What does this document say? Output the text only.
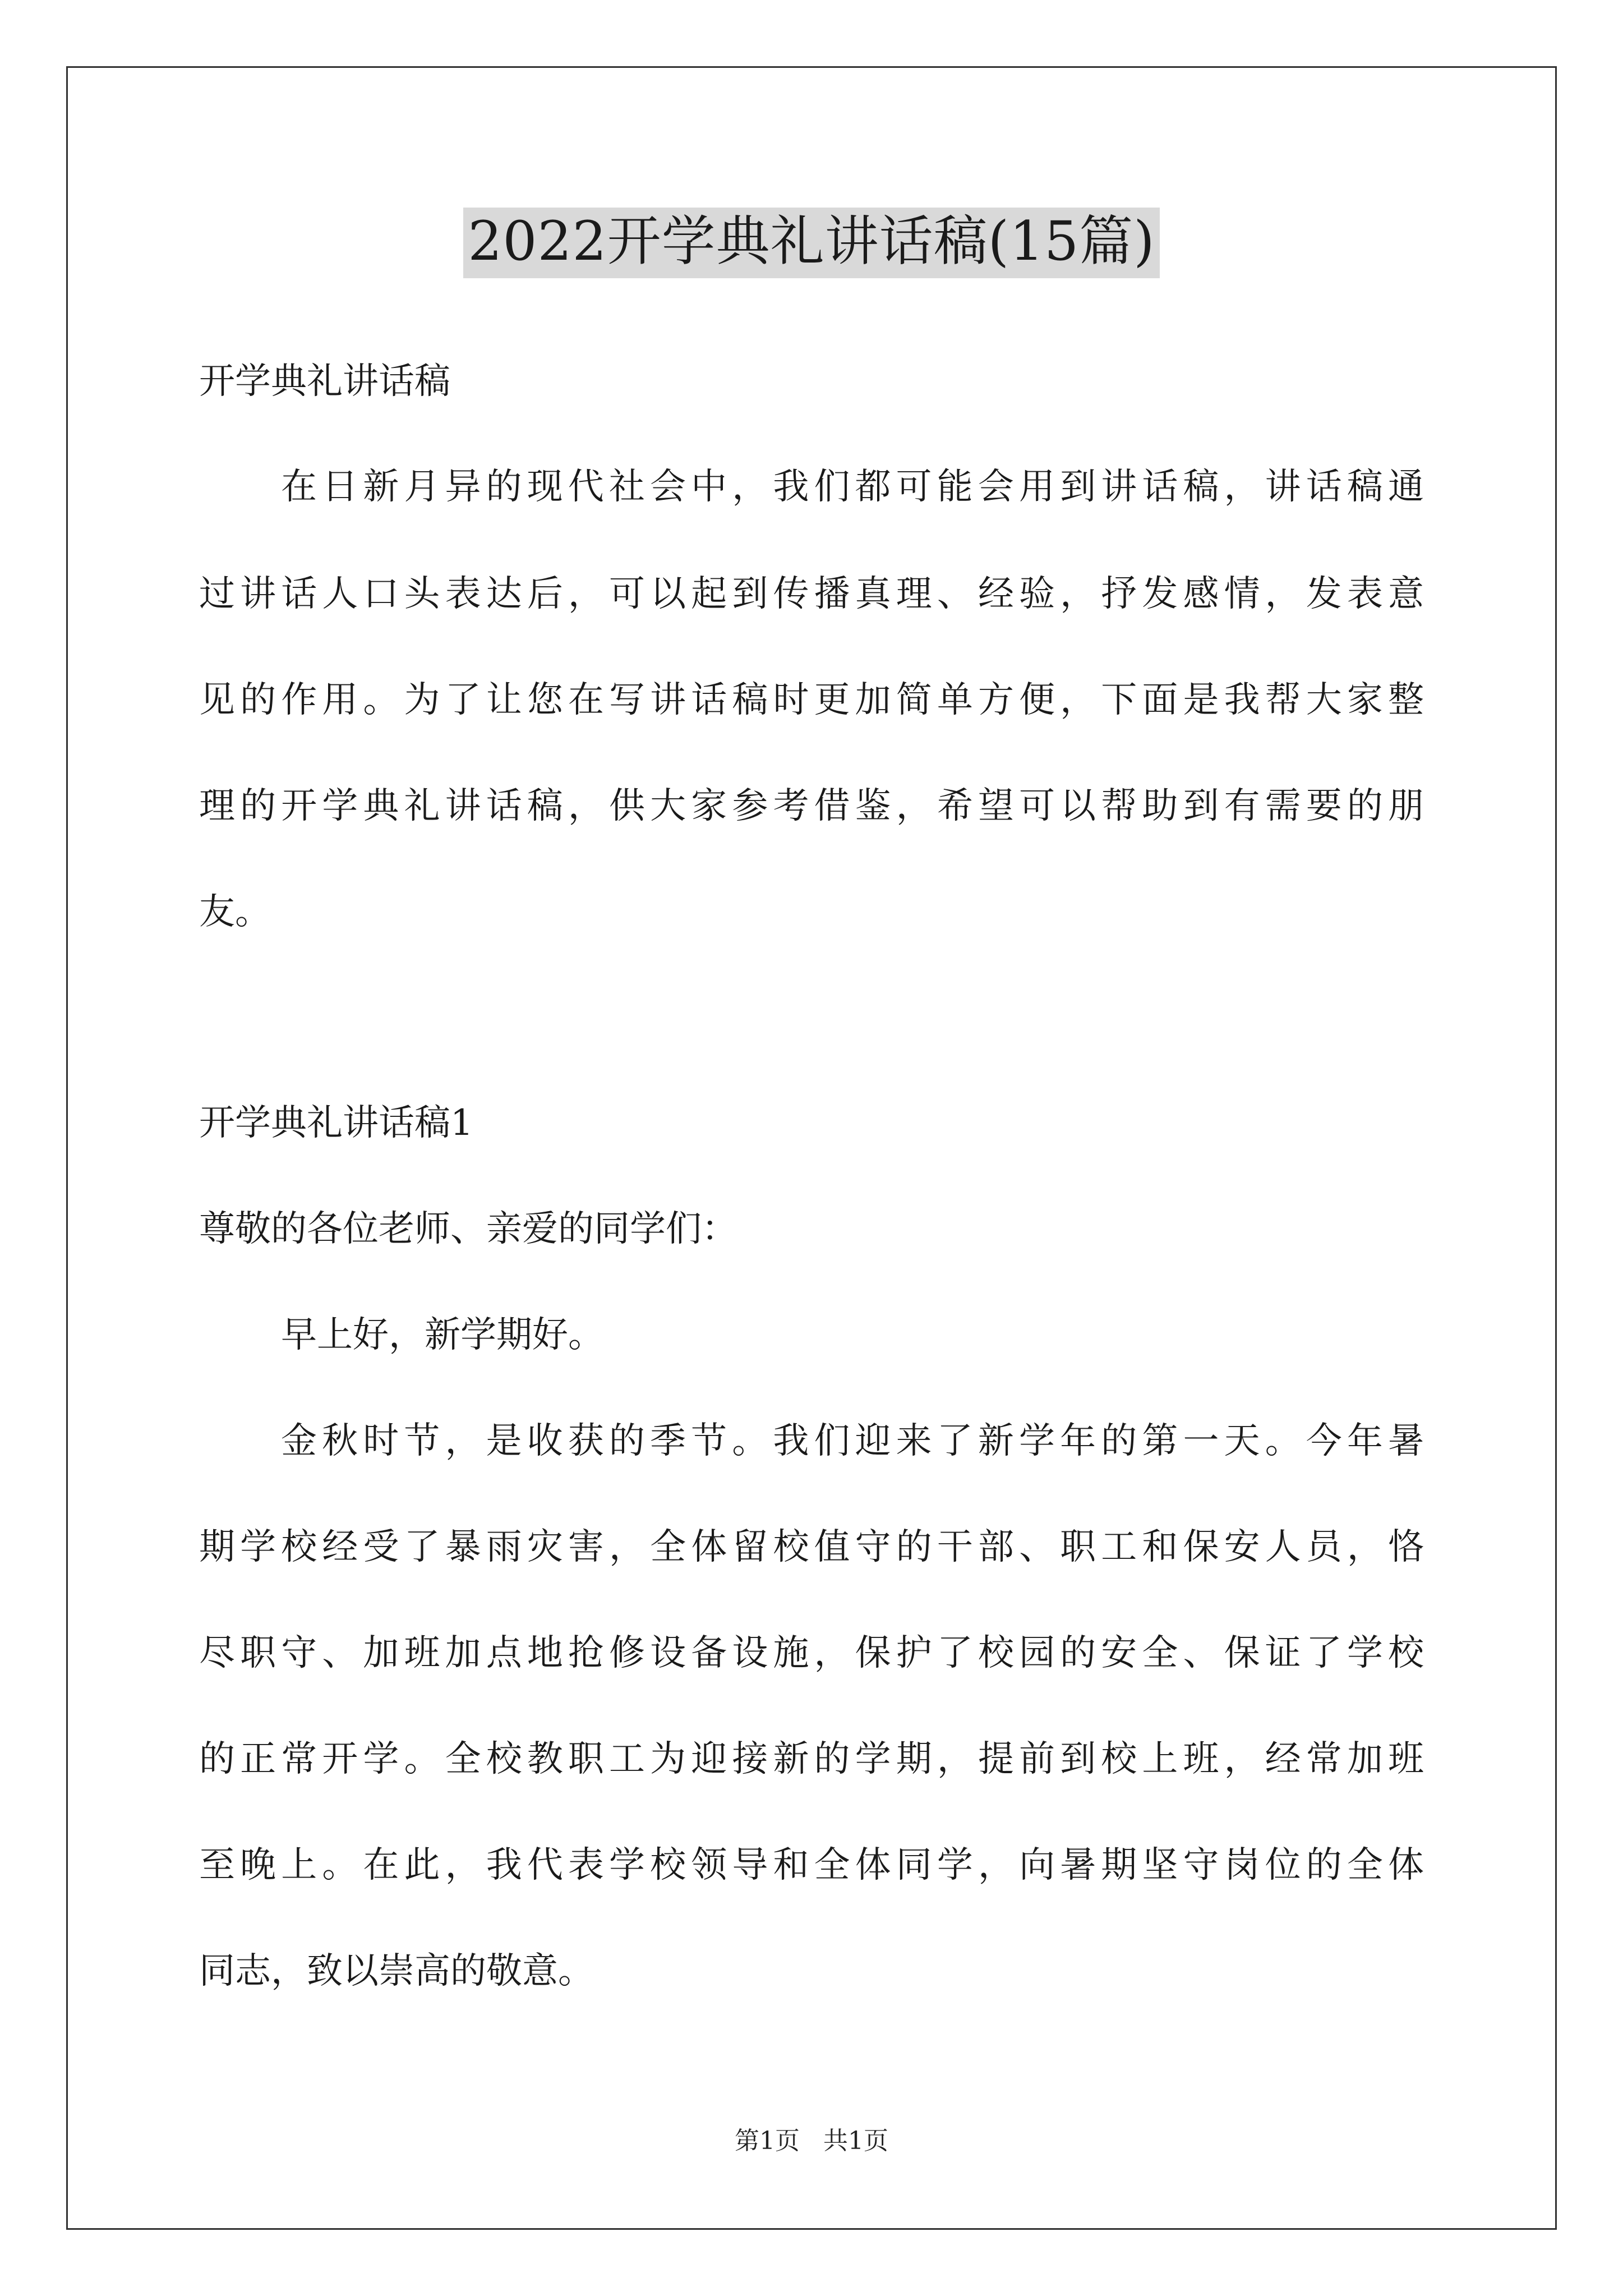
2022开学典礼讲话稿(15篇)
开学典礼讲话稿
在日新月异的现代社会中，我们都可能会用到讲话稿，讲话稿通
过讲话人口头表达后，可以起到传播真理、经验，抒发感情，发表意
见的作用。为了让您在写讲话稿时更加简单方便，下面是我帮大家整
理的开学典礼讲话稿，供大家参考借鉴，希望可以帮助到有需要的朋
友。
开学典礼讲话稿1
尊敬的各位老师、亲爱的同学们：
早上好，新学期好。
金秋时节，是收获的季节。我们迎来了新学年的第一天。今年暑
期学校经受了暴雨灾害，全体留校值守的干部、职工和保安人员，恪
尽职守、加班加点地抢修设备设施，保护了校园的安全、保证了学校
的正常开学。全校教职工为迎接新的学期，提前到校上班，经常加班
至晚上。在此，我代表学校领导和全体同学，向暑期坚守岗位的全体
同志，致以崇高的敬意。
第1页   共1页
